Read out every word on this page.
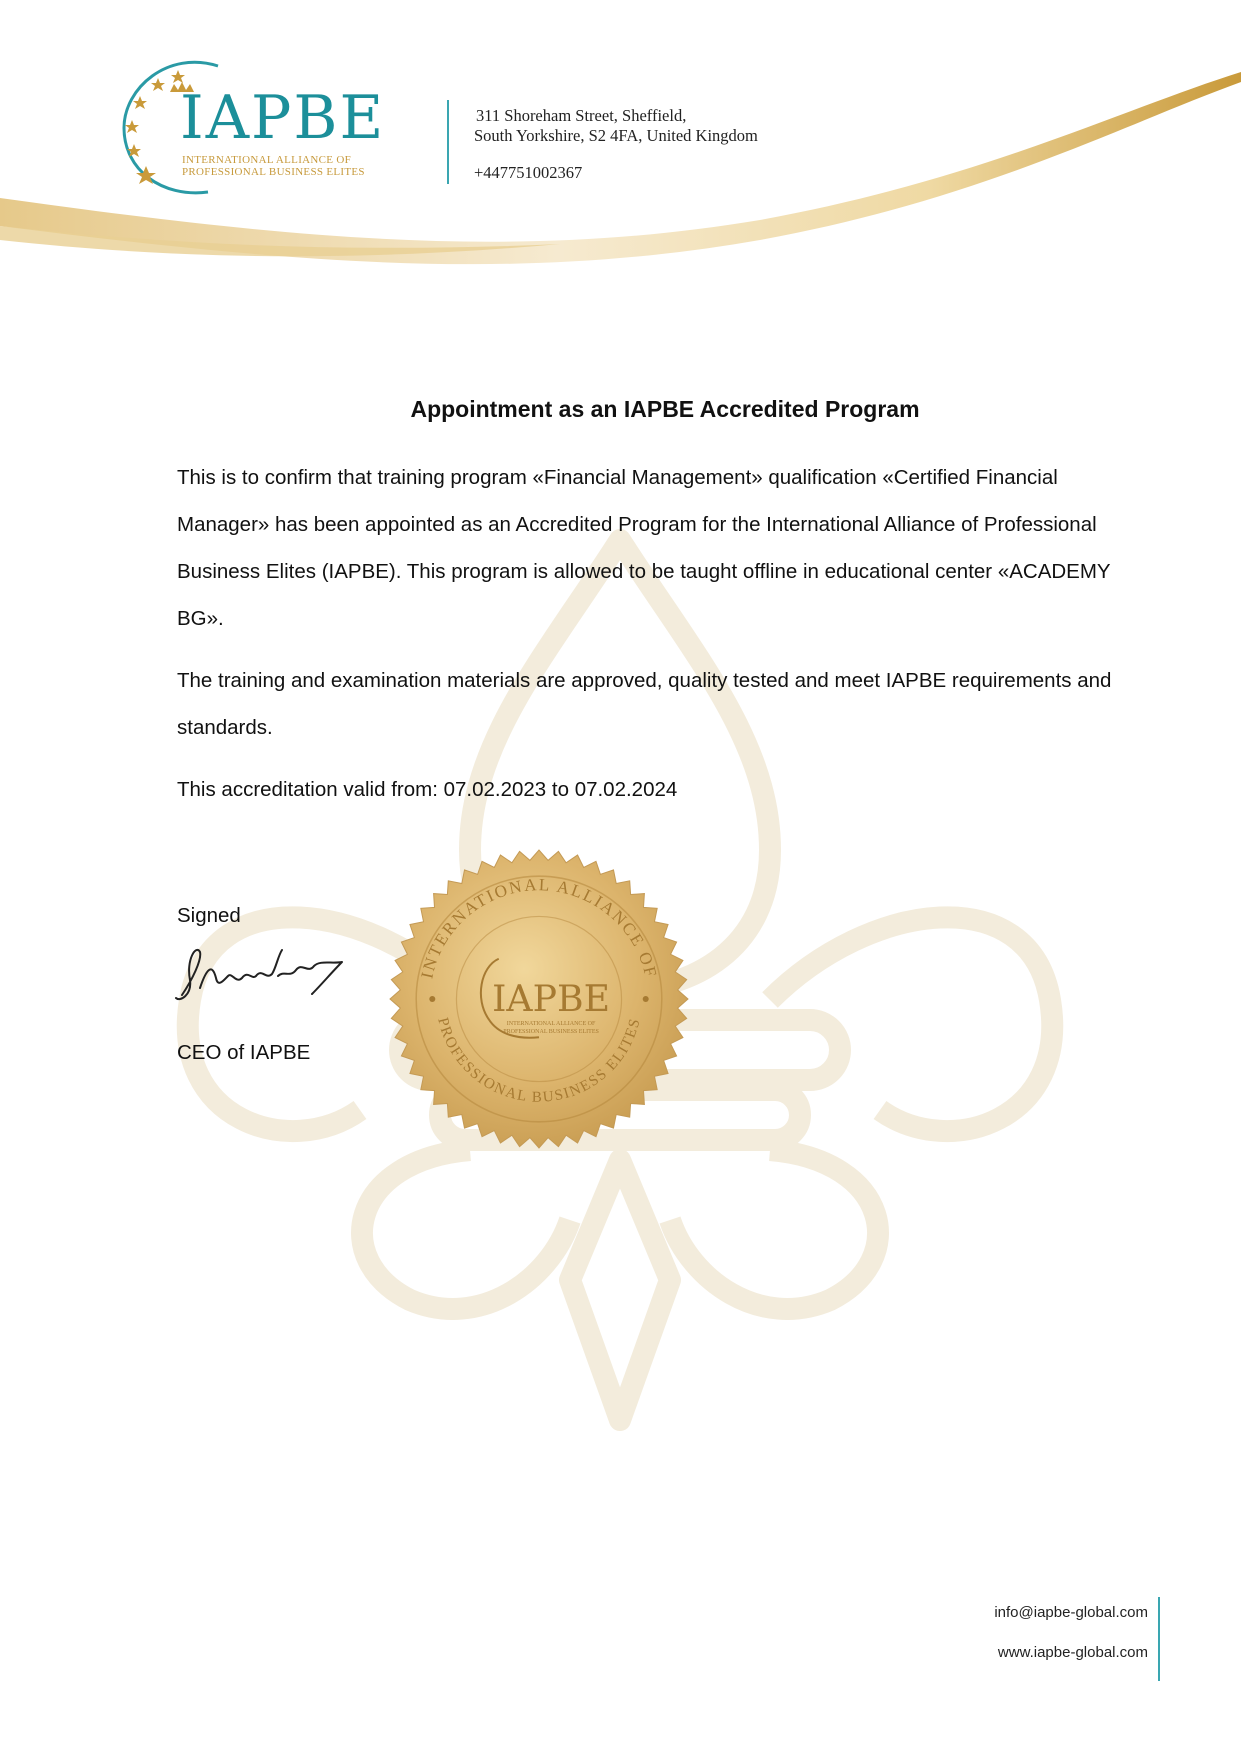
IAPBE
INTERNATIONAL ALLIANCE OF
PROFESSIONAL BUSINESS ELITES
311 Shoreham Street, Sheffield,
South Yorkshire, S2 4FA, United Kingdom
+447751002367
Appointment as an IAPBE Accredited Program
This is to confirm that training program «Financial Management» qualification «Certified Financial Manager» has been appointed as an Accredited Program for the International Alliance of Professional Business Elites (IAPBE). This program is allowed to be taught offline in educational center «ACADEMY BG».
The training and examination materials are approved, quality tested and meet IAPBE requirements and standards.
This accreditation valid from: 07.02.2023 to 07.02.2024
Signed
CEO of IAPBE
INTERNATIONAL ALLIANCE OF
PROFESSIONAL BUSINESS ELITES
IAPBE
INTERNATIONAL ALLIANCE OF
PROFESSIONAL BUSINESS ELITES
info@iapbe-global.com
www.iapbe-global.com
